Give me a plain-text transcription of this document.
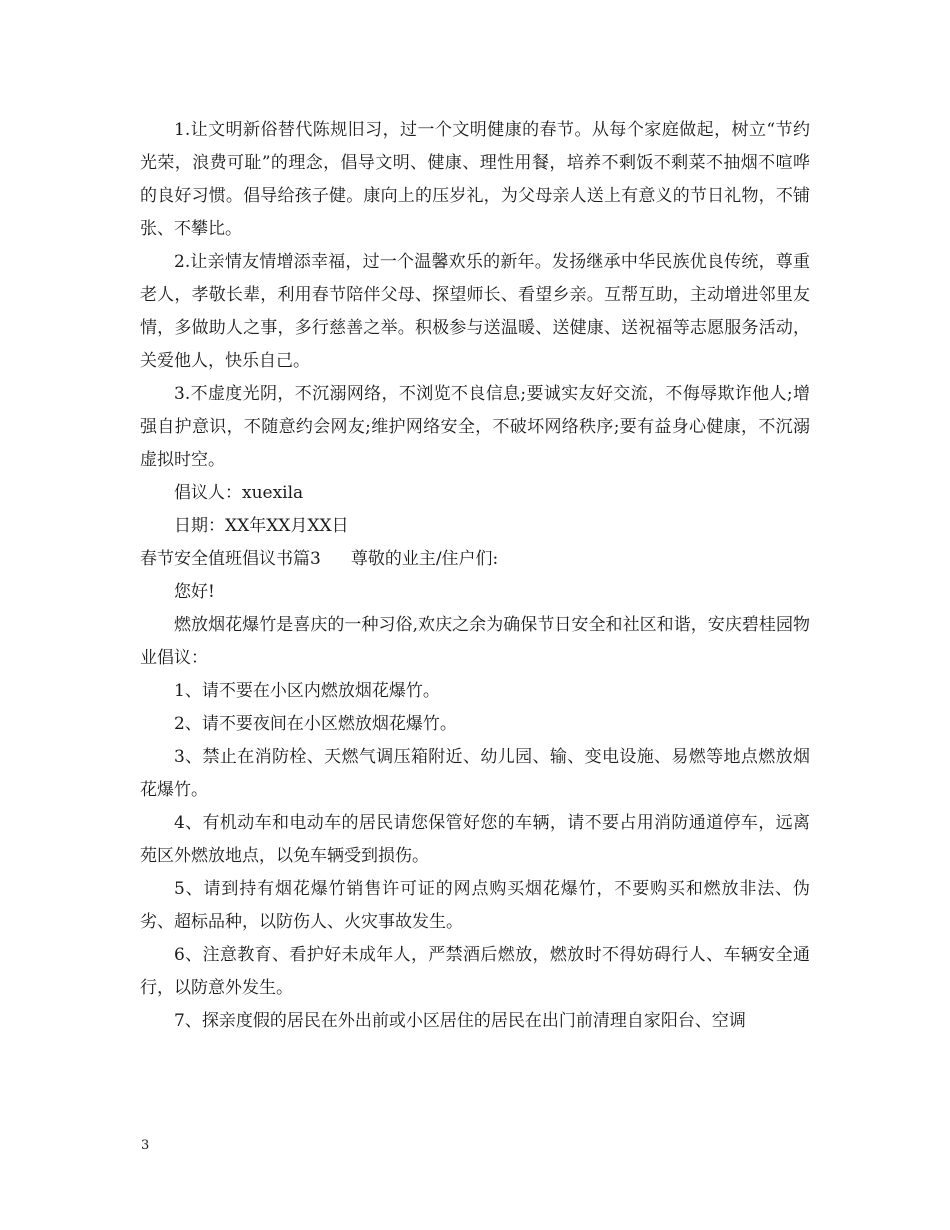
1.让文明新俗替代陈规旧习，过一个文明健康的春节。从每个家庭做起，树立“节约光荣，浪费可耻”的理念，倡导文明、健康、理性用餐，培养不剩饭不剩菜不抽烟不喧哗的良好习惯。倡导给孩子健。康向上的压岁礼，为父母亲人送上有意义的节日礼物，不铺张、不攀比。

2.让亲情友情增添幸福，过一个温馨欢乐的新年。发扬继承中华民族优良传统，尊重老人，孝敬长辈，利用春节陪伴父母、探望师长、看望乡亲。互帮互助，主动增进邻里友情，多做助人之事，多行慈善之举。积极参与送温暖、送健康、送祝福等志愿服务活动，关爱他人，快乐自己。

3.不虚度光阴，不沉溺网络，不浏览不良信息;要诚实友好交流，不侮辱欺诈他人;增强自护意识，不随意约会网友;维护网络安全，不破坏网络秩序;要有益身心健康，不沉溺虚拟时空。

倡议人：xuexila

日期：XX年XX月XX日

春节安全值班倡议书篇3 尊敬的业主/住户们:

您好!

燃放烟花爆竹是喜庆的一种习俗,欢庆之余为确保节日安全和社区和谐，安庆碧桂园物业倡议：

1、请不要在小区内燃放烟花爆竹。

2、请不要夜间在小区燃放烟花爆竹。

3、禁止在消防栓、天燃气调压箱附近、幼儿园、输、变电设施、易燃等地点燃放烟花爆竹。

4、有机动车和电动车的居民请您保管好您的车辆，请不要占用消防通道停车，远离苑区外燃放地点，以免车辆受到损伤。

5、请到持有烟花爆竹销售许可证的网点购买烟花爆竹，不要购买和燃放非法、伪劣、超标品种，以防伤人、火灾事故发生。

6、注意教育、看护好未成年人，严禁酒后燃放，燃放时不得妨碍行人、车辆安全通行，以防意外发生。

7、探亲度假的居民在外出前或小区居住的居民在出门前清理自家阳台、空调

3
